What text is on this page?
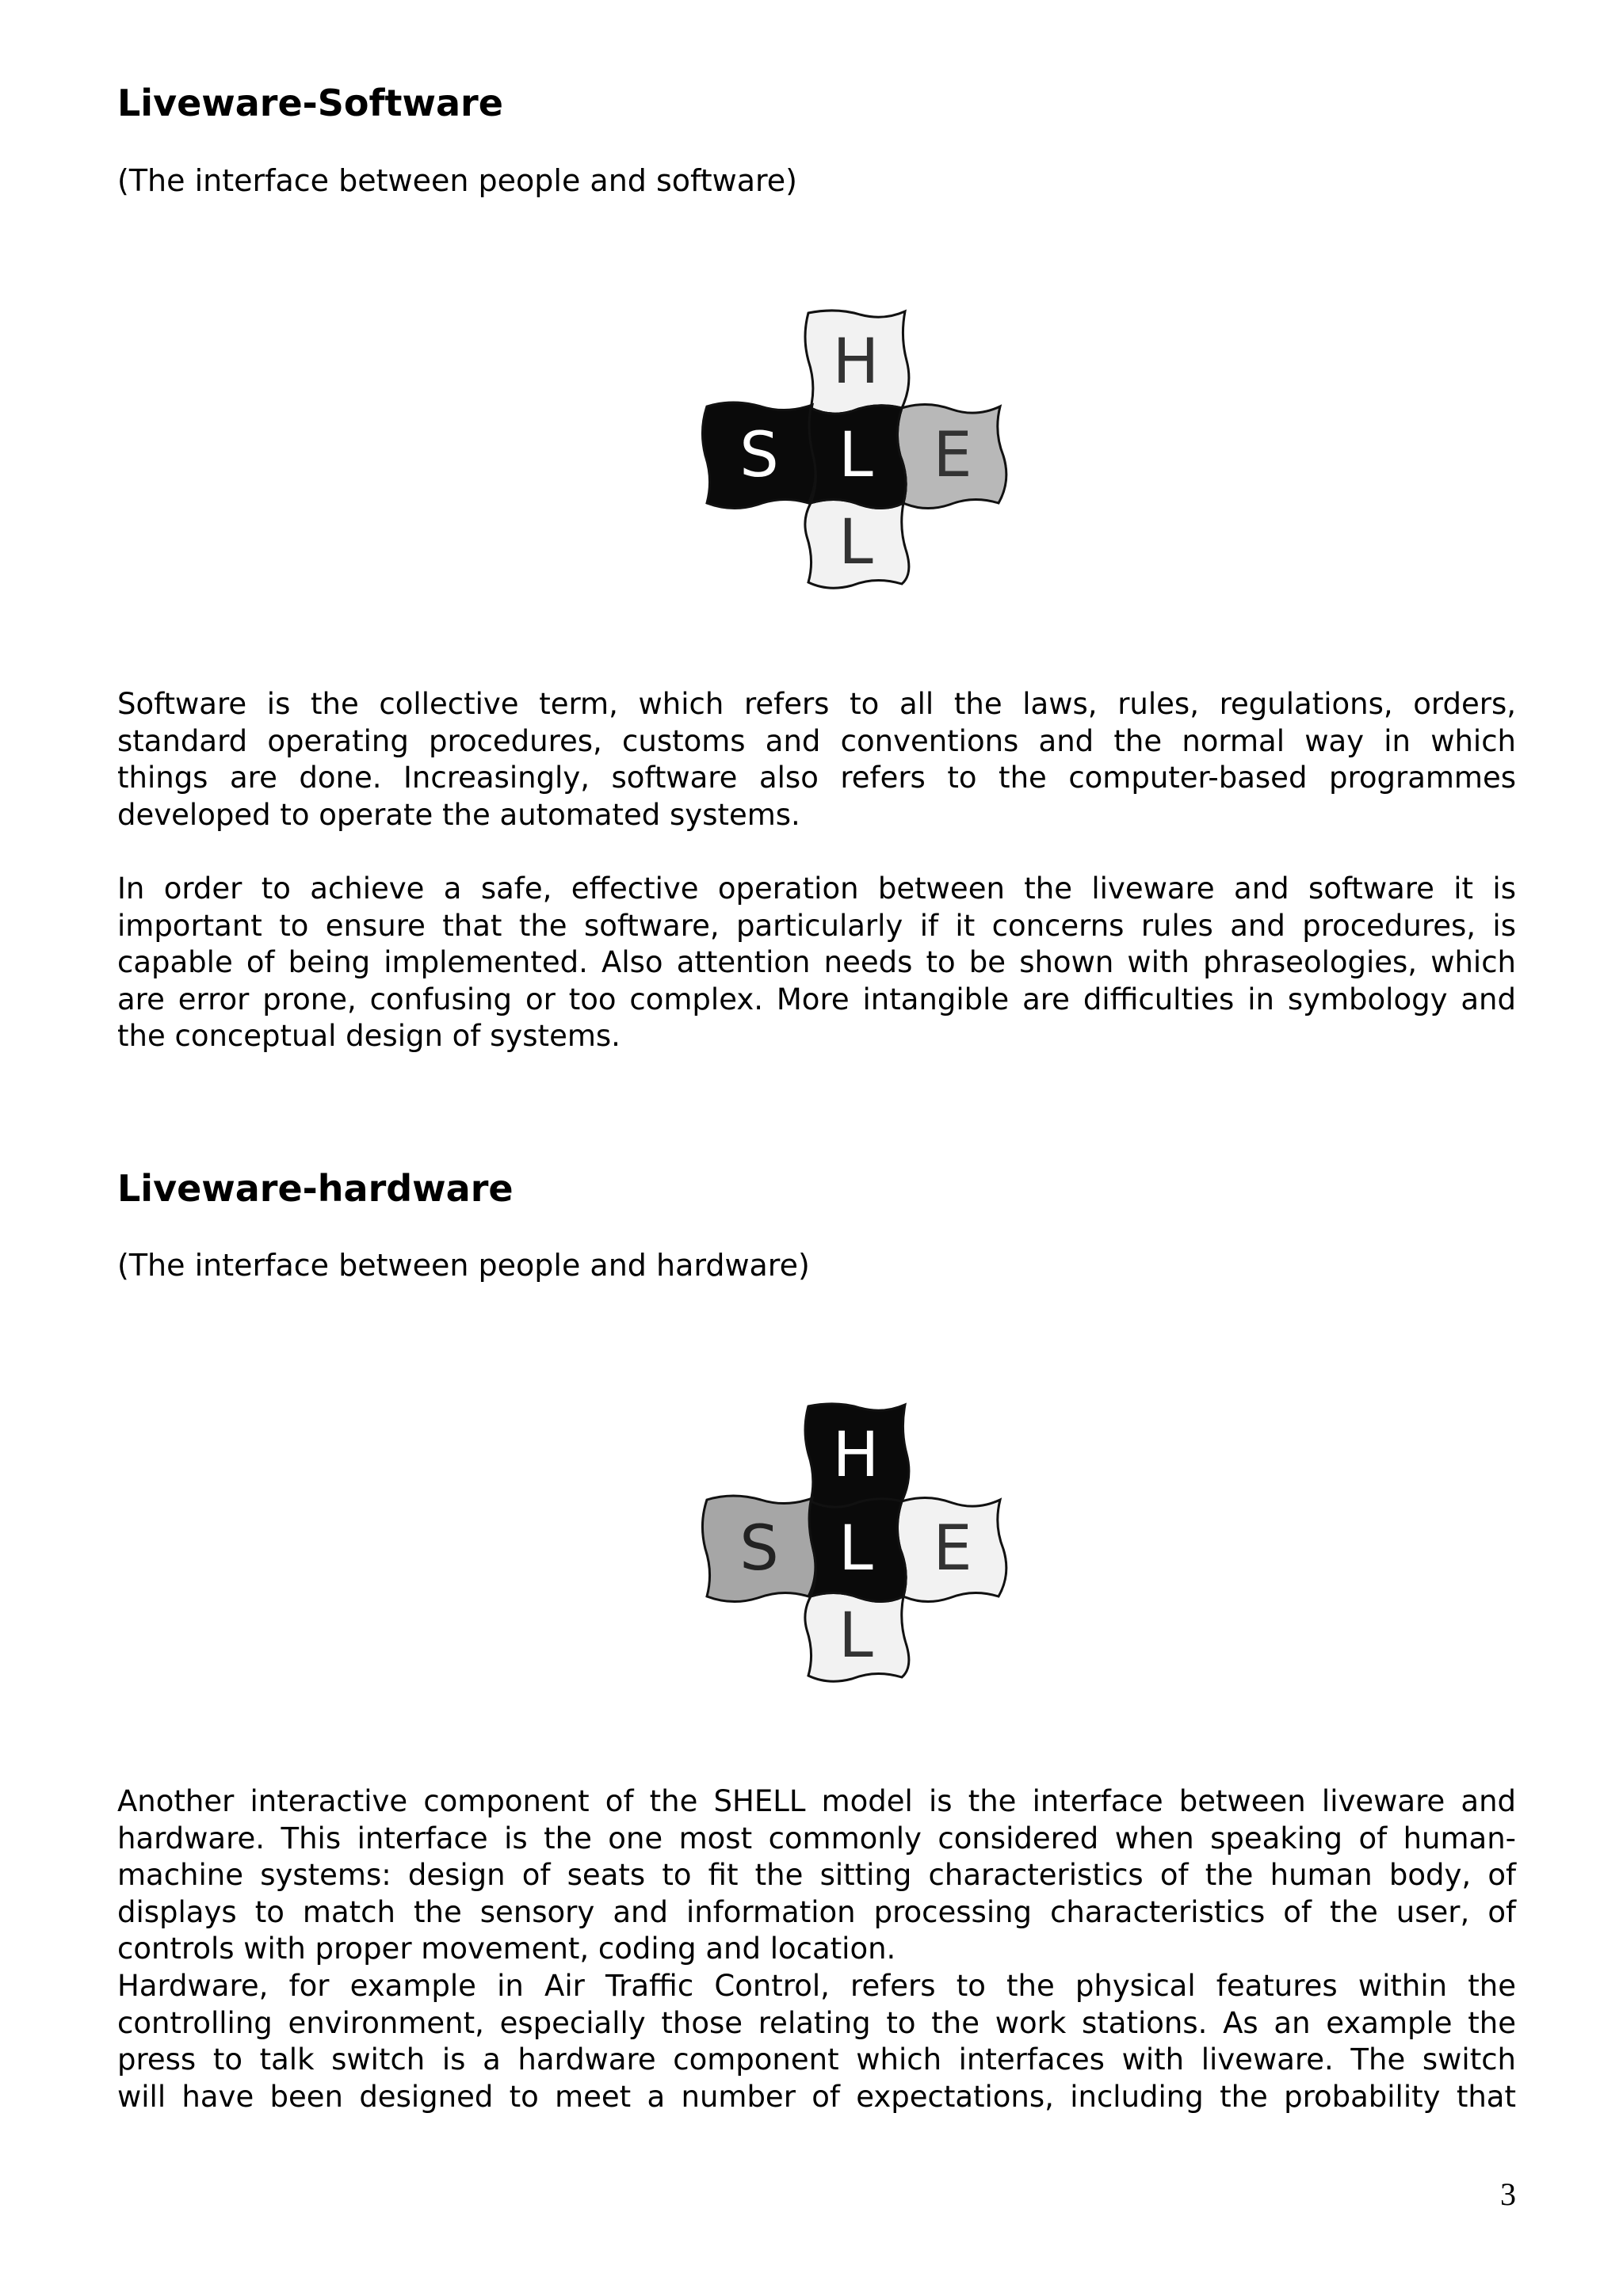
Liveware-Software

(The interface between people and software)

H
S E
L
L
Software is the collective term, which refers to all the laws, rules, regulations, orders,
standard operating procedures, customs and conventions and the normal way in which
things are done. Increasingly, software also refers to the computer-based programmes
developed to operate the automated systems.
In order to achieve a safe, effective operation between the liveware and software it is
important to ensure that the software, particularly if it concerns rules and procedures, is
capable of being implemented. Also attention needs to be shown with phraseologies, which
are error prone, confusing or too complex. More intangible are difficulties in symbology and
the conceptual design of systems.
Liveware-hardware

(The interface between people and hardware)

H
S E
L
L
Another interactive component of the SHELL model is the interface between liveware and
hardware. This interface is the one most commonly considered when speaking of human-
machine systems: design of seats to fit the sitting characteristics of the human body, of
displays to match the sensory and information processing characteristics of the user, of
controls with proper movement, coding and location.
Hardware, for example in Air Traffic Control, refers to the physical features within the
controlling environment, especially those relating to the work stations. As an example the
press to talk switch is a hardware component which interfaces with liveware. The switch
will have been designed to meet a number of expectations, including the probability that

3
